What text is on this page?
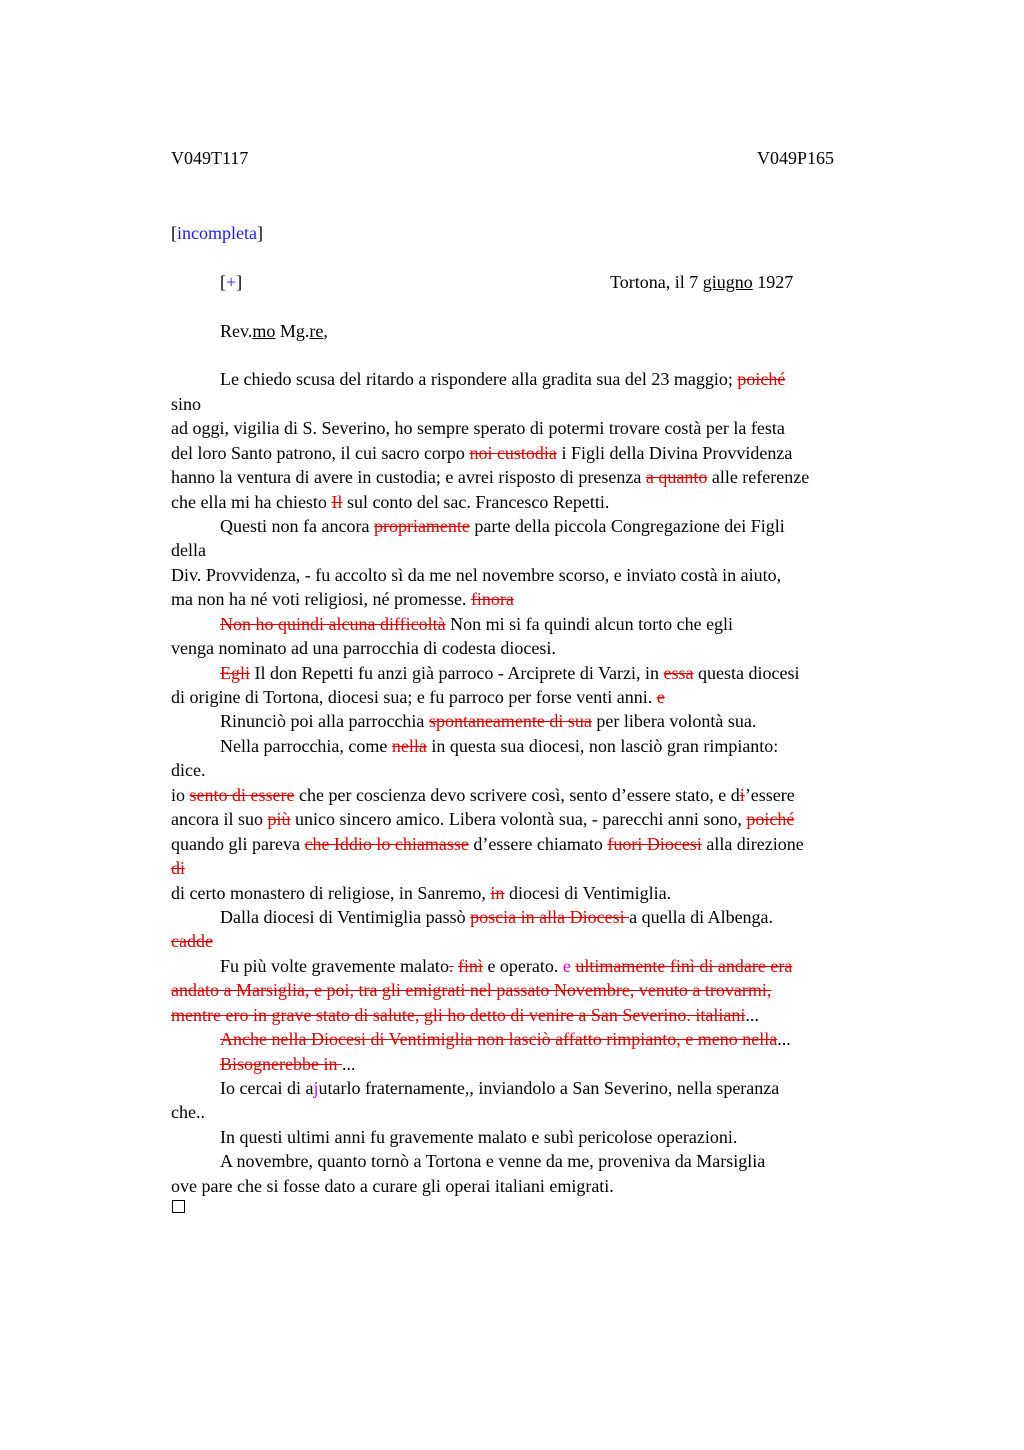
V049T117	V049P165
[incompleta]
[+]	Tortona, il 7 giugno 1927
Rev.mo Mg.re,
Le chiedo scusa del ritardo a rispondere alla gradita sua del 23 maggio; poiché
sino
ad oggi, vigilia di S. Severino, ho sempre sperato di potermi trovare costà per la festa
del loro Santo patrono, il cui sacro corpo noi custodia i Figli della Divina Provvidenza
hanno la ventura di avere in custodia; e avrei risposto di presenza a quanto alle referenze
che ella mi ha chiesto Il sul conto del sac. Francesco Repetti.
Questi non fa ancora propriamente parte della piccola Congregazione dei Figli
della
Div. Provvidenza, - fu accolto sì da me nel novembre scorso, e inviato costà in aiuto,
ma non ha né voti religiosi, né promesse. finora
Non ho quindi alcuna difficoltà Non mi si fa quindi alcun torto che egli
venga nominato ad una parrocchia di codesta diocesi.
Egli Il don Repetti fu anzi già parroco - Arciprete di Varzi, in essa questa diocesi
di origine di Tortona, diocesi sua; e fu parroco per forse venti anni. e
Rinunciò poi alla parrocchia spontaneamente di sua per libera volontà sua.
Nella parrocchia, come nella in questa sua diocesi, non lasciò gran rimpianto:
dice.
io sento di essere che per coscienza devo scrivere così, sento d’essere stato, e di’essere
ancora il suo più unico sincero amico. Libera volontà sua, - parecchi anni sono, poiché
quando gli pareva che Iddio lo chiamasse d’essere chiamato fuori Diocesi alla direzione
di
di certo monastero di religiose, in Sanremo, in diocesi di Ventimiglia.
Dalla diocesi di Ventimiglia passò poscia in alla Diocesi a quella di Albenga.
cadde
Fu più volte gravemente malato. finì e operato. e ultimamente finì di andare era
andato a Marsiglia, e poi, tra gli emigrati nel passato Novembre, venuto a trovarmi,
mentre ero in grave stato di salute, gli ho detto di venire a San Severino. italiani...
Anche nella Diocesi di Ventimiglia non lasciò affatto rimpianto, e meno nella...
Bisognerebbe in ...
Io cercai di ajutarlo fraternamente,, inviandolo a San Severino, nella speranza
che..
In questi ultimi anni fu gravemente malato e subì pericolose operazioni.
A novembre, quanto tornò a Tortona e venne da me, proveniva da Marsiglia
ove pare che si fosse dato a curare gli operai italiani emigrati.
